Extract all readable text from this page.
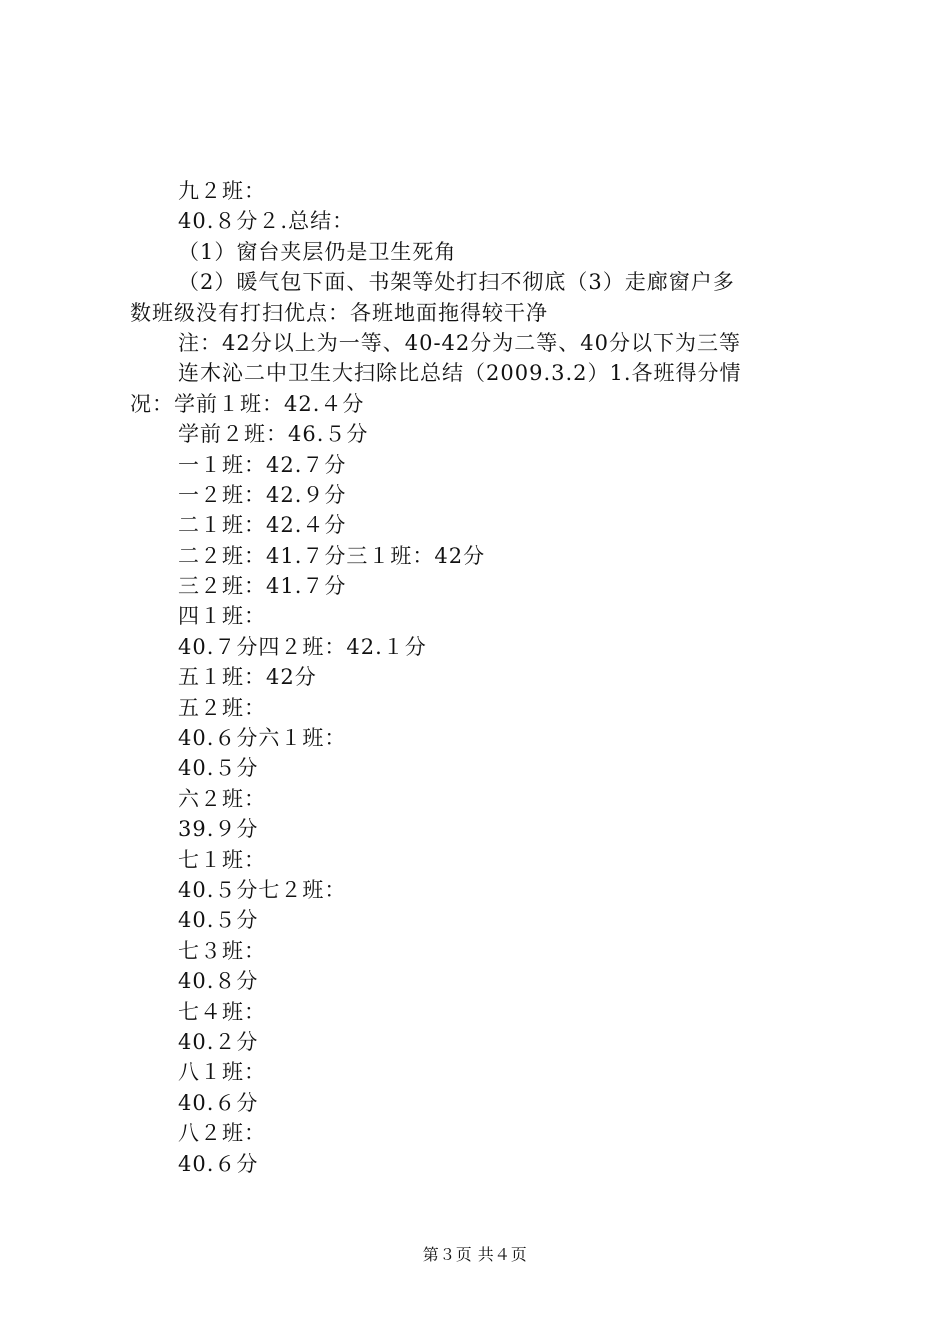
九２班：
40.８分２.总结：
（1）窗台夹层仍是卫生死角
（2）暖气包下面、书架等处打扫不彻底（3）走廊窗户多
数班级没有打扫优点：各班地面拖得较干净
注：42分以上为一等、40-42分为二等、40分以下为三等
连木沁二中卫生大扫除比总结（2009.3.2）1.各班得分情
况：学前１班：42.４分
学前２班：46.５分
一１班：42.７分
一２班：42.９分
二１班：42.４分
二２班：41.７分三１班：42分
三２班：41.７分
四１班：
40.７分四２班：42.１分
五１班：42分
五２班：
40.６分六１班：
40.５分
六２班：
39.９分
七１班：
40.５分七２班：
40.５分
七３班：
40.８分
七４班：
40.２分
八１班：
40.６分
八２班：
40.６分
第３页 共４页
